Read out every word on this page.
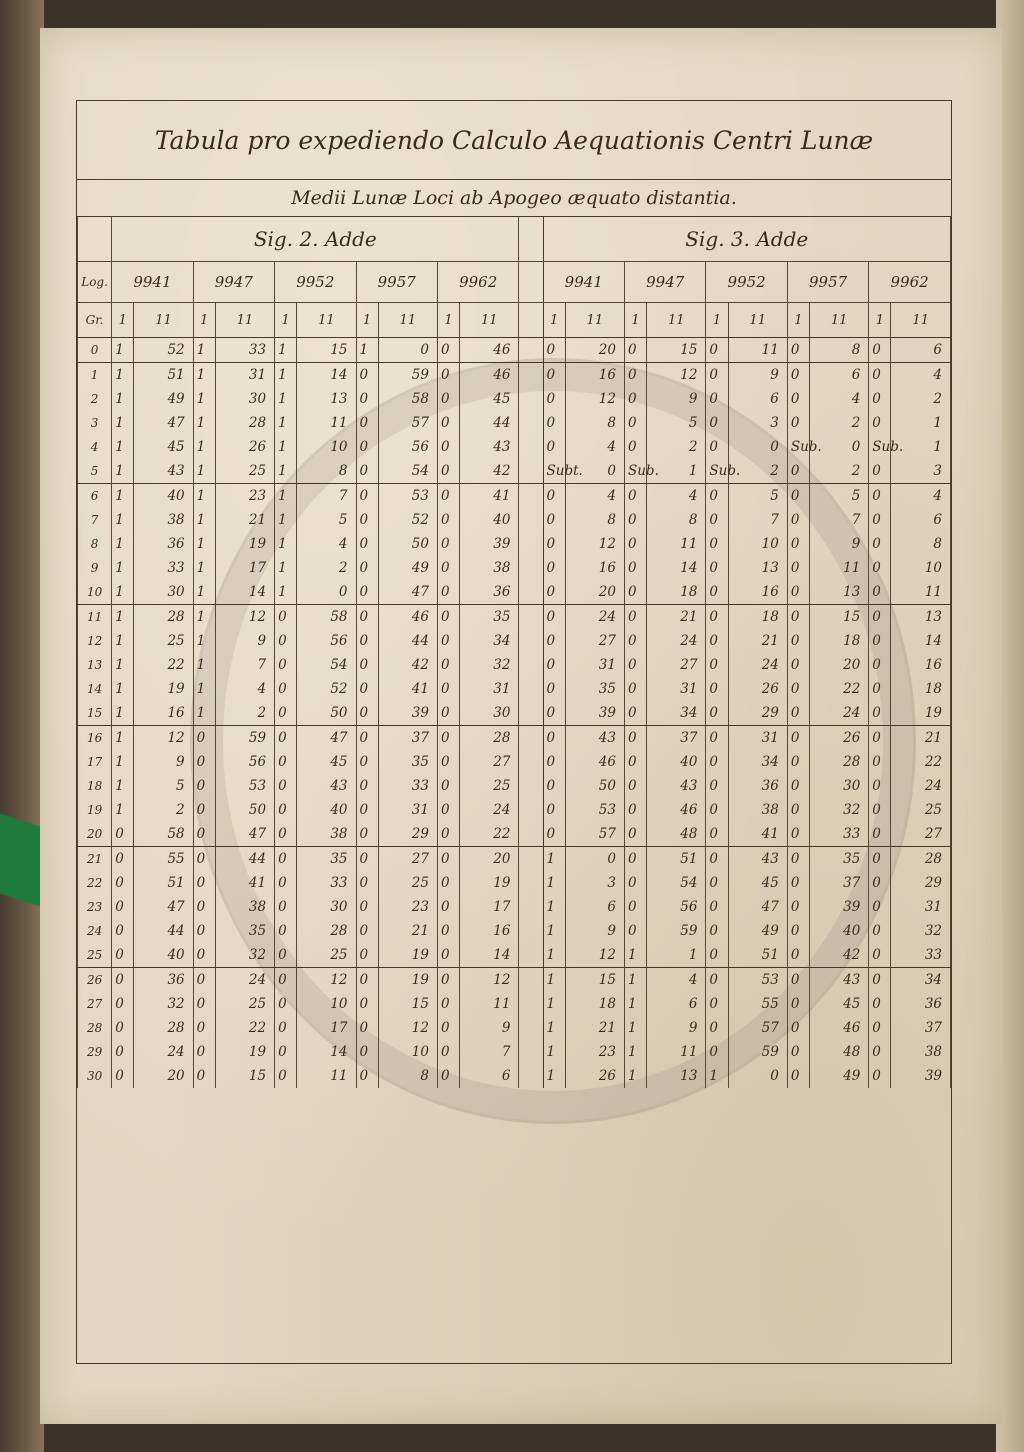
Tabula pro expediendo Calculo Aequationis Centri Lunæ
Medii Lunæ Loci ab Apogeo æquato distantia.
	Sig. 2. Adde											Sig. 3. Adde									
Log.	9941		9947		9952		9957		9962			9941		9947		9952		9957		9962	
Gr.	1	11	1	11	1	11	1	11	1	11		1	11	1	11	1	11	1	11	1	11
0	1	52	1	33	1	15	1	0	0	46		0	20	0	15	0	11	0	8	0	6
1	1	51	1	31	1	14	0	59	0	46		0	16	0	12	0	9	0	6	0	4
2	1	49	1	30	1	13	0	58	0	45		0	12	0	9	0	6	0	4	0	2
3	1	47	1	28	1	11	0	57	0	44		0	8	0	5	0	3	0	2	0	1
4	1	45	1	26	1	10	0	56	0	43		0	4	0	2	0	0	Sub.	0	Sub.	1
5	1	43	1	25	1	8	0	54	0	42		Subt.	0	Sub.	1	Sub.	2	0	2	0	3
6	1	40	1	23	1	7	0	53	0	41		0	4	0	4	0	5	0	5	0	4
7	1	38	1	21	1	5	0	52	0	40		0	8	0	8	0	7	0	7	0	6
8	1	36	1	19	1	4	0	50	0	39		0	12	0	11	0	10	0	9	0	8
9	1	33	1	17	1	2	0	49	0	38		0	16	0	14	0	13	0	11	0	10
10	1	30	1	14	1	0	0	47	0	36		0	20	0	18	0	16	0	13	0	11
11	1	28	1	12	0	58	0	46	0	35		0	24	0	21	0	18	0	15	0	13
12	1	25	1	9	0	56	0	44	0	34		0	27	0	24	0	21	0	18	0	14
13	1	22	1	7	0	54	0	42	0	32		0	31	0	27	0	24	0	20	0	16
14	1	19	1	4	0	52	0	41	0	31		0	35	0	31	0	26	0	22	0	18
15	1	16	1	2	0	50	0	39	0	30		0	39	0	34	0	29	0	24	0	19
16	1	12	0	59	0	47	0	37	0	28		0	43	0	37	0	31	0	26	0	21
17	1	9	0	56	0	45	0	35	0	27		0	46	0	40	0	34	0	28	0	22
18	1	5	0	53	0	43	0	33	0	25		0	50	0	43	0	36	0	30	0	24
19	1	2	0	50	0	40	0	31	0	24		0	53	0	46	0	38	0	32	0	25
20	0	58	0	47	0	38	0	29	0	22		0	57	0	48	0	41	0	33	0	27
21	0	55	0	44	0	35	0	27	0	20		1	0	0	51	0	43	0	35	0	28
22	0	51	0	41	0	33	0	25	0	19		1	3	0	54	0	45	0	37	0	29
23	0	47	0	38	0	30	0	23	0	17		1	6	0	56	0	47	0	39	0	31
24	0	44	0	35	0	28	0	21	0	16		1	9	0	59	0	49	0	40	0	32
25	0	40	0	32	0	25	0	19	0	14		1	12	1	1	0	51	0	42	0	33
26	0	36	0	24	0	12	0	19	0	12		1	15	1	4	0	53	0	43	0	34
27	0	32	0	25	0	10	0	15	0	11		1	18	1	6	0	55	0	45	0	36
28	0	28	0	22	0	17	0	12	0	9		1	21	1	9	0	57	0	46	0	37
29	0	24	0	19	0	14	0	10	0	7		1	23	1	11	0	59	0	48	0	38
30	0	20	0	15	0	11	0	8	0	6		1	26	1	13	1	0	0	49	0	39
